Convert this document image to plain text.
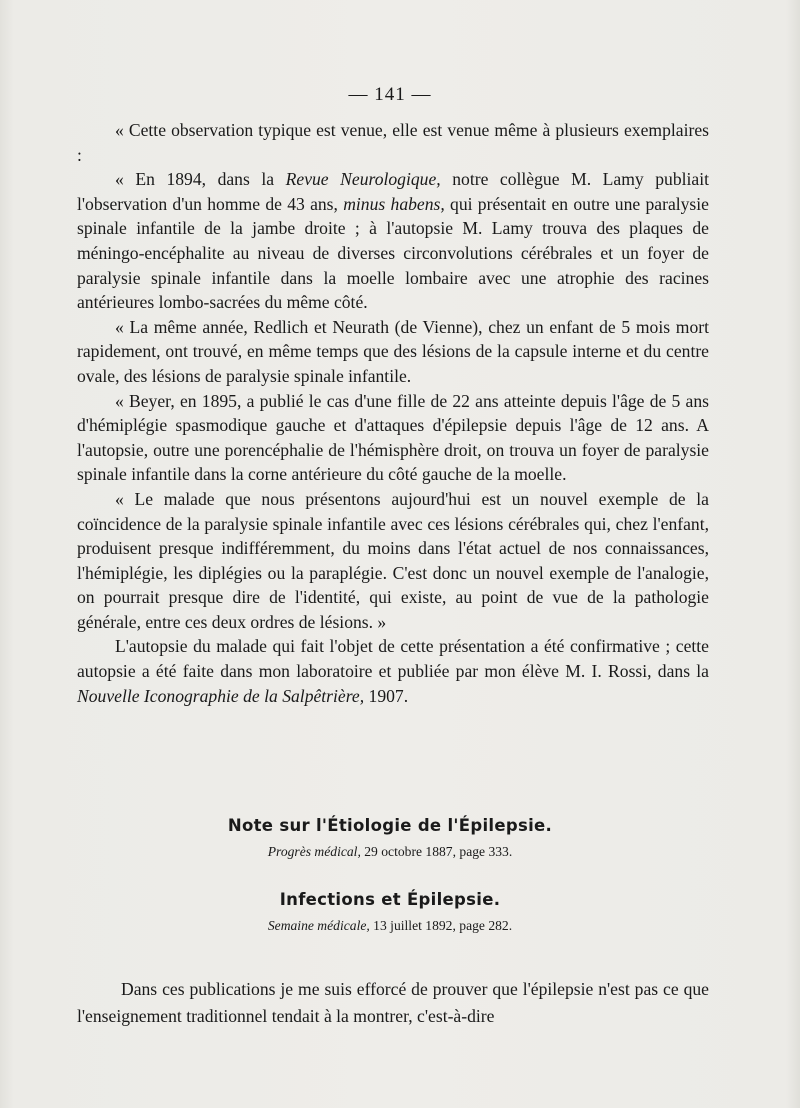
— 141 —

« Cette observation typique est venue, elle est venue même à plusieurs exemplaires :

« En 1894, dans la Revue Neurologique, notre collègue M. Lamy publiait l'observation d'un homme de 43 ans, minus habens, qui présentait en outre une paralysie spinale infantile de la jambe droite ; à l'autopsie M. Lamy trouva des plaques de méningo-encéphalite au niveau de diverses circonvolutions cérébrales et un foyer de paralysie spinale infantile dans la moelle lombaire avec une atrophie des racines antérieures lombo-sacrées du même côté.

« La même année, Redlich et Neurath (de Vienne), chez un enfant de 5 mois mort rapidement, ont trouvé, en même temps que des lésions de la capsule interne et du centre ovale, des lésions de paralysie spinale infantile.

« Beyer, en 1895, a publié le cas d'une fille de 22 ans atteinte depuis l'âge de 5 ans d'hémiplégie spasmodique gauche et d'attaques d'épilepsie depuis l'âge de 12 ans. A l'autopsie, outre une porencéphalie de l'hémisphère droit, on trouva un foyer de paralysie spinale infantile dans la corne antérieure du côté gauche de la moelle.

« Le malade que nous présentons aujourd'hui est un nouvel exemple de la coïncidence de la paralysie spinale infantile avec ces lésions cérébrales qui, chez l'enfant, produisent presque indifféremment, du moins dans l'état actuel de nos connaissances, l'hémiplégie, les diplégies ou la paraplégie. C'est donc un nouvel exemple de l'analogie, on pourrait presque dire de l'identité, qui existe, au point de vue de la pathologie générale, entre ces deux ordres de lésions. »

L'autopsie du malade qui fait l'objet de cette présentation a été confirmative ; cette autopsie a été faite dans mon laboratoire et publiée par mon élève M. I. Rossi, dans la Nouvelle Iconographie de la Salpêtrière, 1907.

Note sur l'Étiologie de l'Épilepsie.
Progrès médical, 29 octobre 1887, page 333.
Infections et Épilepsie.
Semaine médicale, 13 juillet 1892, page 282.

Dans ces publications je me suis efforcé de prouver que l'épilepsie n'est pas ce que l'enseignement traditionnel tendait à la montrer, c'est-à-dire
